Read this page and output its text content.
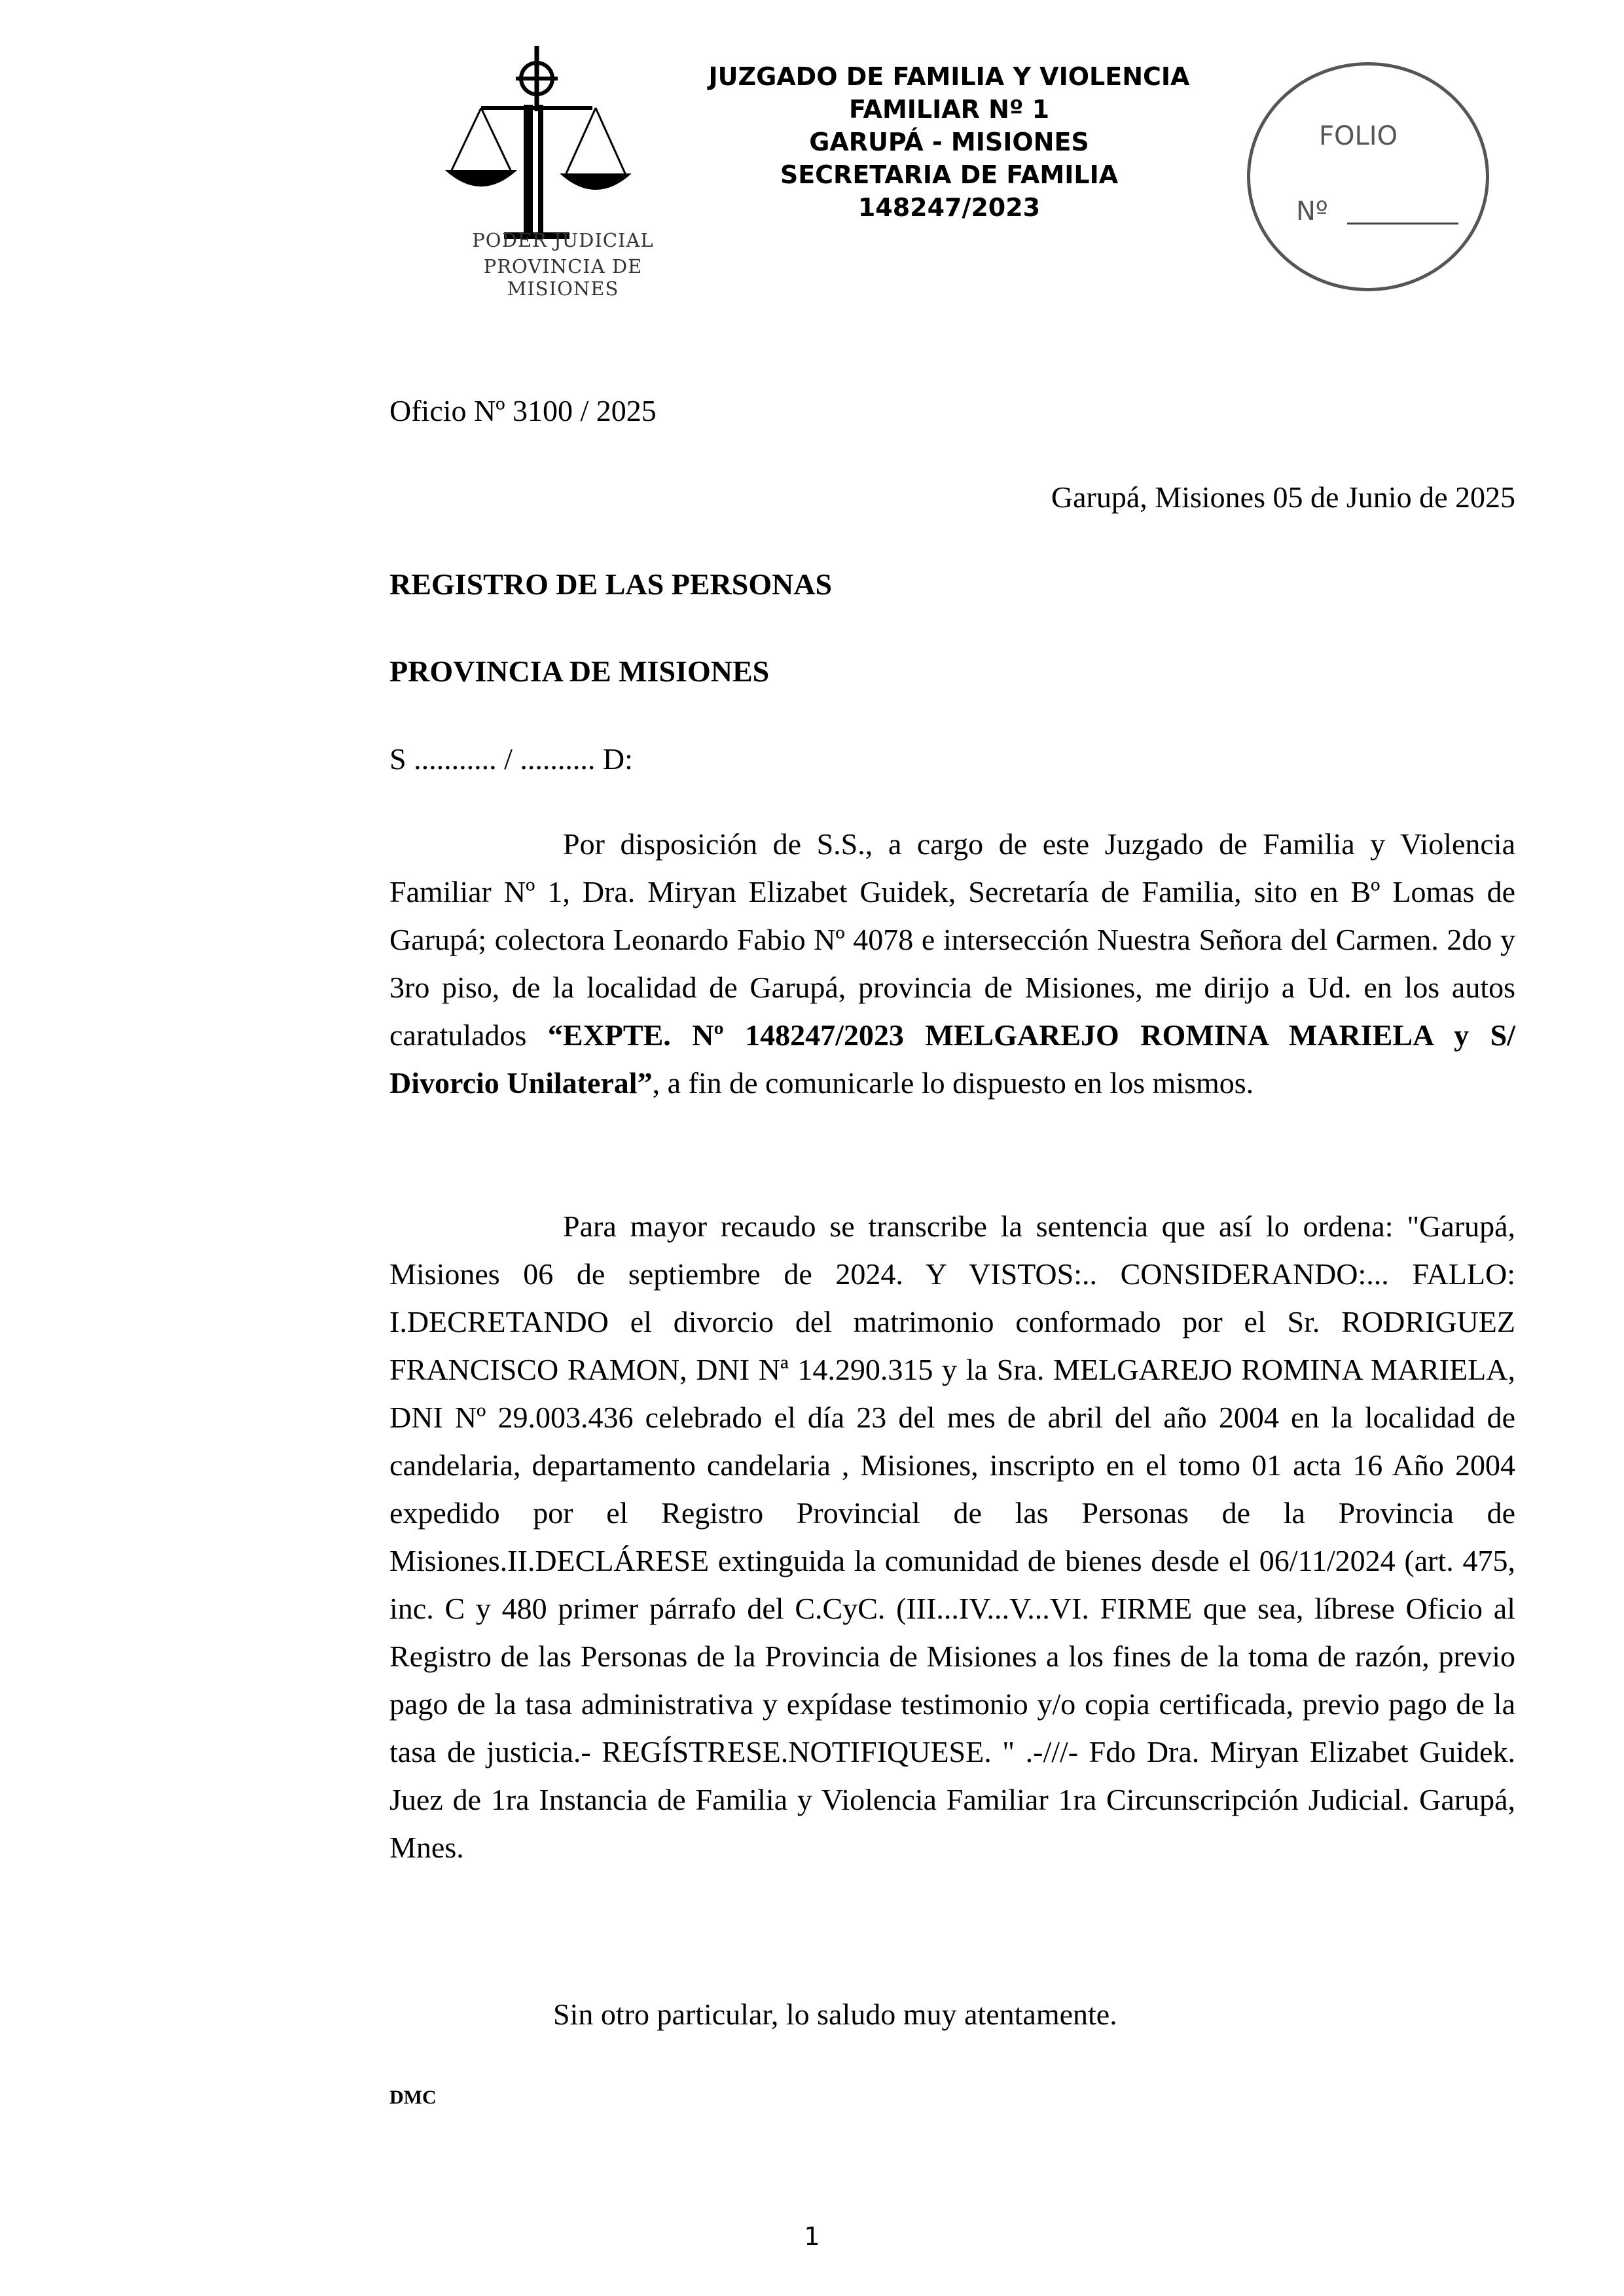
PODER JUDICIAL
PROVINCIA DE MISIONES
JUZGADO DE FAMILIA Y VIOLENCIA
FAMILIAR Nº 1
GARUPÁ - MISIONES
SECRETARIA DE FAMILIA
148247/2023
FOLIO
Nº
Oficio Nº 3100 / 2025
Garupá, Misiones 05 de Junio de 2025
REGISTRO DE LAS PERSONAS
PROVINCIA DE MISIONES
S ........... / .......... D:

Por disposición de S.S., a cargo de este Juzgado de Familia y Violencia Familiar Nº 1, Dra. Miryan Elizabet Guidek, Secretaría de Familia, sito en Bº Lomas de Garupá; colectora Leonardo Fabio Nº 4078 e intersección Nuestra Señora del Carmen. 2do y 3ro piso, de la localidad de Garupá, provincia de Misiones, me dirijo a Ud. en los autos caratulados “EXPTE. Nº 148247/2023 MELGAREJO ROMINA MARIELA y S/ Divorcio Unilateral”, a fin de comunicarle lo dispuesto en los mismos.

Para mayor recaudo se transcribe la sentencia que así lo ordena: "Garupá, Misiones 06 de septiembre de 2024. Y VISTOS:.. CONSIDERANDO:... FALLO: I.DECRETANDO el divorcio del matrimonio conformado por el Sr. RODRIGUEZ FRANCISCO RAMON, DNI Nª 14.290.315 y la Sra. MELGAREJO ROMINA MARIELA, DNI Nº 29.003.436 celebrado el día 23 del mes de abril del año 2004 en la localidad de candelaria, departamento candelaria , Misiones, inscripto en el tomo 01 acta 16 Año 2004 expedido por el Registro Provincial de las Personas de la Provincia de Misiones.II.DECLÁRESE extinguida la comunidad de bienes desde el 06/11/2024 (art. 475, inc. C y 480 primer párrafo del C.CyC. (III...IV...V...VI. FIRME que sea, líbrese Oficio al Registro de las Personas de la Provincia de Misiones a los fines de la toma de razón, previo pago de la tasa administrativa y expídase testimonio y/o copia certificada, previo pago de la tasa de justicia.- REGÍSTRESE.NOTIFIQUESE. " .-///- Fdo Dra. Miryan Elizabet Guidek. Juez de 1ra Instancia de Familia y Violencia Familiar 1ra Circunscripción Judicial. Garupá, Mnes.

Sin otro particular, lo saludo muy atentamente.
DMC
1
